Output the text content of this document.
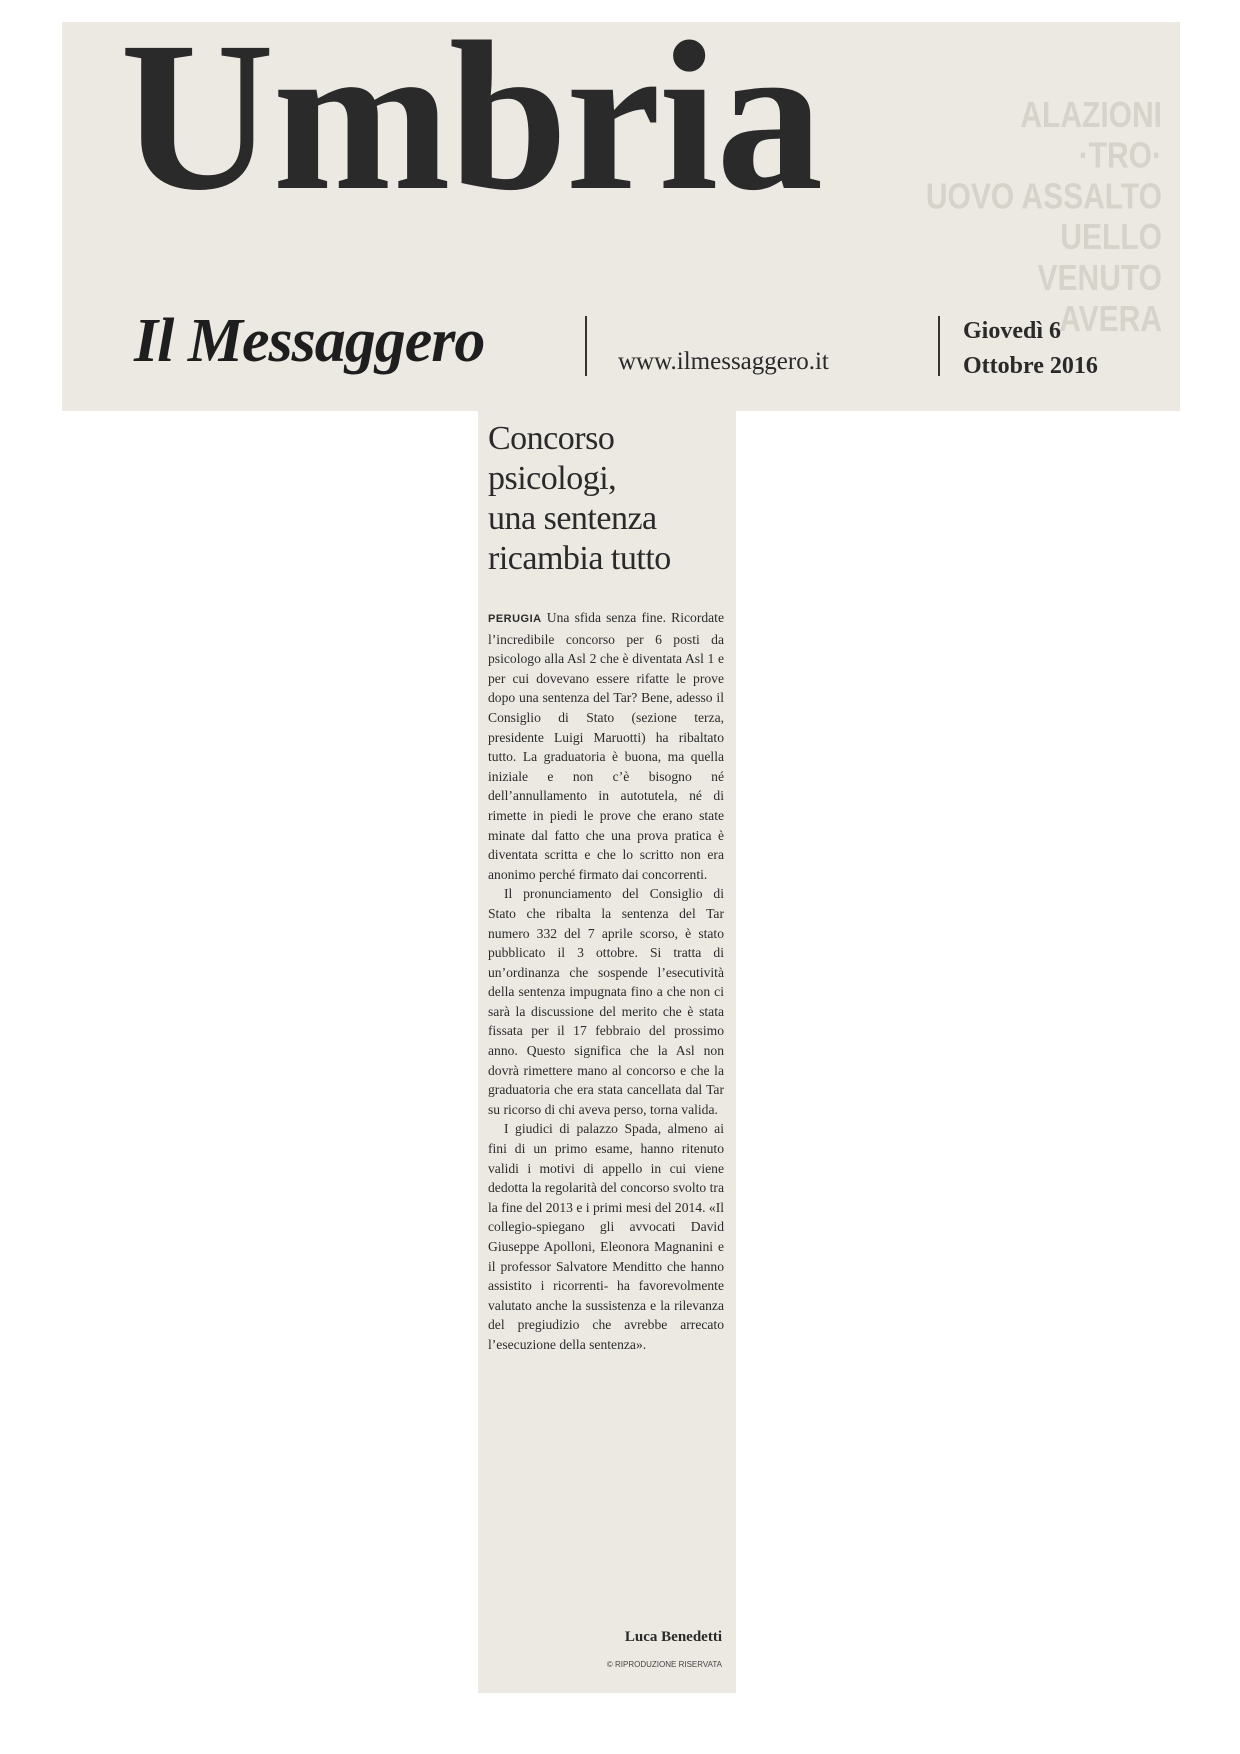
ALAZIONI
·TRO·
UOVO ASSALTO
UELLO
VENUTO
AVERA
Umbria
Il Messaggero	www.ilmessaggero.it
Giovedì 6
Ottobre 2016
Concorso
psicologi,
una sentenza
ricambia tutto

PERUGIA Una sfida senza fine. Ricordate l’incredibile concorso per 6 posti da psicologo alla Asl 2 che è diventata Asl 1 e per cui dovevano essere rifatte le prove dopo una sentenza del Tar? Bene, adesso il Consiglio di Stato (sezione terza, presidente Luigi Maruotti) ha ribaltato tutto. La graduatoria è buona, ma quella iniziale e non c’è bisogno né dell’annullamento in autotutela, né di rimette in piedi le prove che erano state minate dal fatto che una prova pratica è diventata scritta e che lo scritto non era anonimo perché firmato dai concorrenti.

Il pronunciamento del Consiglio di Stato che ribalta la sentenza del Tar numero 332 del 7 aprile scorso, è stato pubblicato il 3 ottobre. Si tratta di un’ordinanza che sospende l’esecutività della sentenza impugnata fino a che non ci sarà la discussione del merito che è stata fissata per il 17 febbraio del prossimo anno. Questo significa che la Asl non dovrà rimettere mano al concorso e che la graduatoria che era stata cancellata dal Tar su ricorso di chi aveva perso, torna valida.

I giudici di palazzo Spada, almeno ai fini di un primo esame, hanno ritenuto validi i motivi di appello in cui viene dedotta la regolarità del concorso svolto tra la fine del 2013 e i primi mesi del 2014. «Il collegio-spiegano gli avvocati David Giuseppe Apolloni, Eleonora Magnanini e il professor Salvatore Menditto che hanno assistito i ricorrenti- ha favorevolmente valutato anche la sussistenza e la rilevanza del pregiudizio che avrebbe arrecato l’esecuzione della sentenza».

Luca Benedetti
© RIPRODUZIONE RISERVATA
